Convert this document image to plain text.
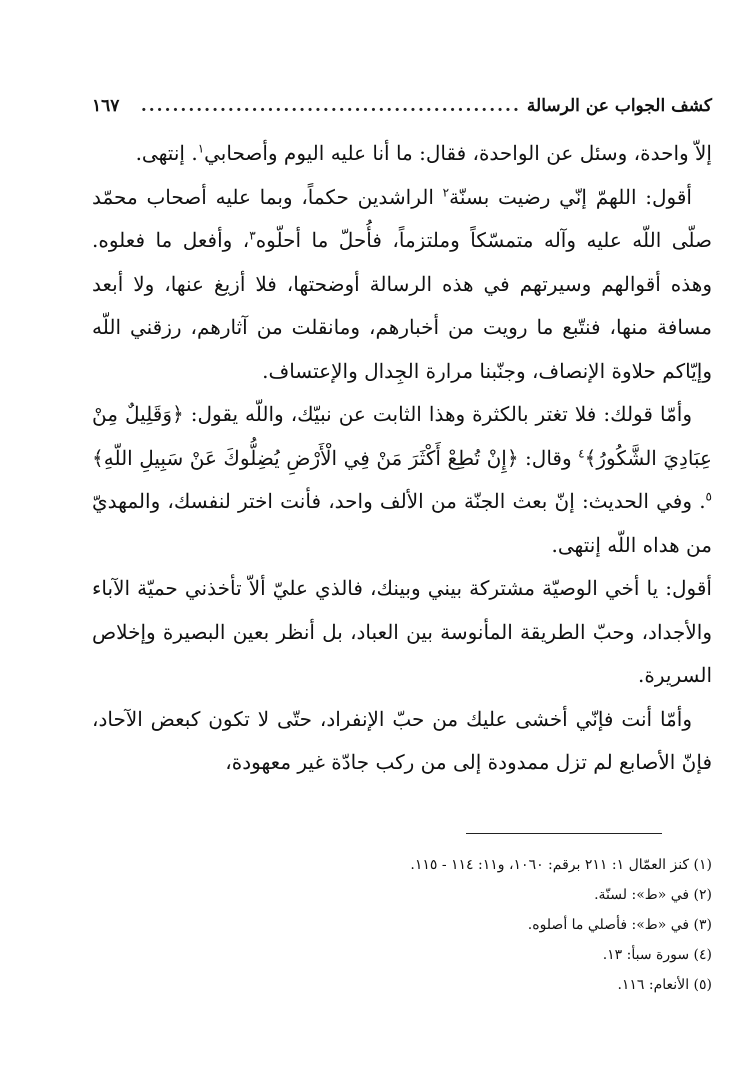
كشف الجواب عن الرسالة
................................................
١٦٧

إلاّ واحدة، وسئل عن الواحدة، فقال: ما أنا عليه اليوم وأصحابي$^١$. إنتهى.

أقول: اللهمّ إنّي رضيت بسنّة$^٢$ الراشدين حكماً، وبما عليه أصحاب محمّد صلّى اللّه عليه وآله متمسّكاً وملتزماً، فأُحلّ ما أحلّوه$^٣$، وأفعل ما فعلوه. وهذه أقوالهم وسيرتهم في هذه الرسالة أوضحتها، فلا أزيغ عنها، ولا أبعد مسافة منها، فنتّبع ما رويت من أخبارهم، ومانقلت من آثارهم، رزقني اللّه وإيّاكم حلاوة الإنصاف، وجنّبنا مرارة الجِدال والإعتساف.

وأمّا قولك: فلا تغتر بالكثرة وهذا الثابت عن نبيّك، واللّه يقول: ﴿وَقَلِيلٌ مِنْ عِبَادِيَ الشَّكُورُ﴾$^٤$ وقال: ﴿إِنْ تُطِعْ أَكْثَرَ مَنْ فِي الْأَرْضِ يُضِلُّوكَ عَنْ سَبِيلِ اللّهِ﴾$^٥$. وفي الحديث: إنّ بعث الجنّة من الألف واحد، فأنت اختر لنفسك، والمهديّ من هداه اللّه إنتهى.

أقول: يا أخي الوصيّة مشتركة بيني وبينك، فالذي عليّ ألاّ تأخذني حميّة الآباء والأجداد، وحبّ الطريقة المأنوسة بين العباد، بل أنظر بعين البصيرة وإخلاص السريرة.

وأمّا أنت فإنّي أخشى عليك من حبّ الإنفراد، حتّى لا تكون كبعض الآحاد، فإنّ الأصابع لم تزل ممدودة إلى من ركب جادّة غير معهودة،

(١) كنز العمّال ١: ٢١١ برقم: ١٠٦٠، و١١: ١١٤ - ١١٥.
(٢) في «ط»: لسنّة.
(٣) في «ط»: فأصلي ما أصلوه.
(٤) سورة سبأ: ١٣.
(٥) الأنعام: ١١٦.
